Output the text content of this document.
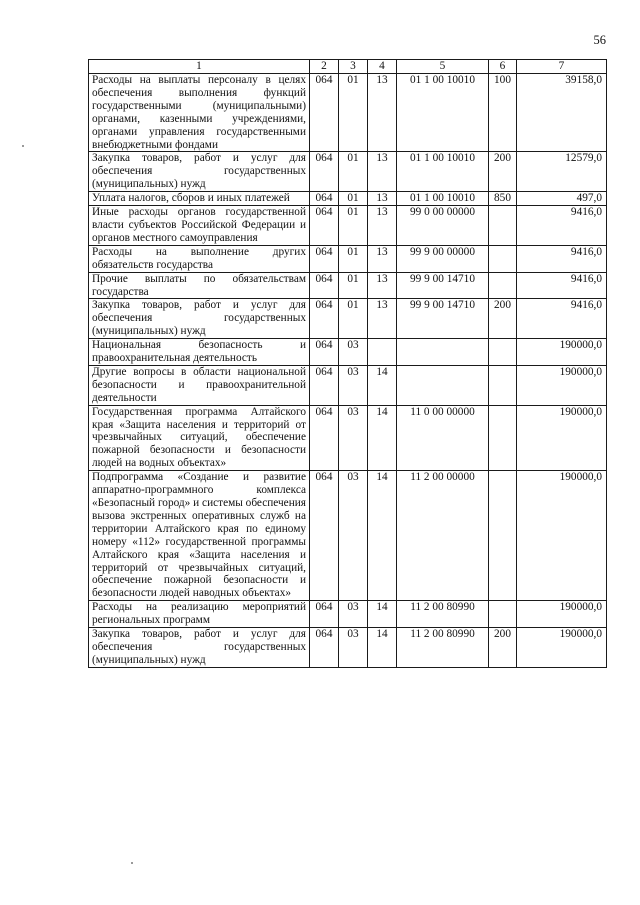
56
1	2	3	4	5	6	7
Расходы на выплаты персоналу в целях обеспечения выполнения функций государственными (муниципальными) органами, казенными учреждениями, органами управления государственными внебюджетными фондами	064	01	13	01 1 00 10010	100	39158,0
Закупка товаров, работ и услуг для обеспечения государственных (муниципальных) нужд	064	01	13	01 1 00 10010	200	12579,0
Уплата налогов, сборов и иных платежей	064	01	13	01 1 00 10010	850	497,0
Иные расходы органов государственной власти субъектов Российской Федерации и органов местного самоуправления	064	01	13	99 0 00 00000		9416,0
Расходы на выполнение других обязательств государства	064	01	13	99 9 00 00000		9416,0
Прочие выплаты по обязательствам государства	064	01	13	99 9 00 14710		9416,0
Закупка товаров, работ и услуг для обеспечения государственных (муниципальных) нужд	064	01	13	99 9 00 14710	200	9416,0
Национальная безопасность и правоохранительная деятельность	064	03				190000,0
Другие вопросы в области национальной безопасности и правоохранительной деятельности	064	03	14			190000,0
Государственная программа Алтайского края «Защита населения и территорий от чрезвычайных ситуаций, обеспечение пожарной безопасности и безопасности людей на водных объектах»	064	03	14	11 0 00 00000		190000,0
Подпрограмма «Создание и развитие аппаратно-программного комплекса «Безопасный город» и системы обеспечения вызова экстренных оперативных служб на территории Алтайского края по единому номеру «112» государственной программы Алтайского края «Защита населения и территорий от чрезвычайных ситуаций, обеспечение пожарной безопасности и безопасности людей наводных объектах»	064	03	14	11 2 00 00000		190000,0
Расходы на реализацию мероприятий региональных программ	064	03	14	11 2 00 80990		190000,0
Закупка товаров, работ и услуг для обеспечения государственных (муниципальных) нужд	064	03	14	11 2 00 80990	200	190000,0
